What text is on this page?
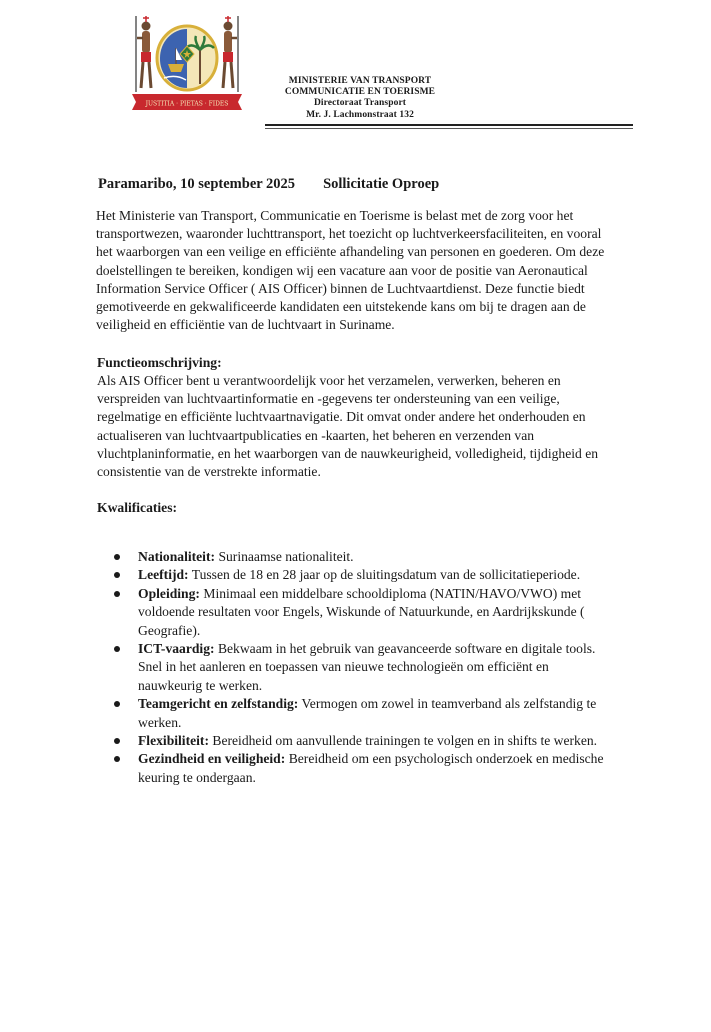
JUSTITIA · PIETAS · FIDES
MINISTERIE VAN TRANSPORT
COMMUNICATIE EN TOERISME
Directoraat Transport
Mr. J. Lachmonstraat 132
Paramaribo, 10 september 2025 Sollicitatie Oproep
Het Ministerie van Transport, Communicatie en Toerisme is belast met de zorg voor het
transportwezen, waaronder luchttransport, het toezicht op luchtverkeersfaciliteiten, en vooral
het waarborgen van een veilige en efficiënte afhandeling van personen en goederen. Om deze
doelstellingen te bereiken, kondigen wij een vacature aan voor de positie van Aeronautical
Information Service Officer ( AIS Officer) binnen de Luchtvaartdienst. Deze functie biedt
gemotiveerde en gekwalificeerde kandidaten een uitstekende kans om bij te dragen aan de
veiligheid en efficiëntie van de luchtvaart in Suriname.
Functieomschrijving:
Als AIS Officer bent u verantwoordelijk voor het verzamelen, verwerken, beheren en
verspreiden van luchtvaartinformatie en -gegevens ter ondersteuning van een veilige,
regelmatige en efficiënte luchtvaartnavigatie. Dit omvat onder andere het onderhouden en
actualiseren van luchtvaartpublicaties en -kaarten, het beheren en verzenden van
vluchtplaninformatie, en het waarborgen van de nauwkeurigheid, volledigheid, tijdigheid en
consistentie van de verstrekte informatie.
Kwalificaties:
Nationaliteit: Surinaamse nationaliteit.
Leeftijd: Tussen de 18 en 28 jaar op de sluitingsdatum van de sollicitatieperiode.
Opleiding: Minimaal een middelbare schooldiploma (NATIN/HAVO/VWO) met
voldoende resultaten voor Engels, Wiskunde of Natuurkunde, en Aardrijkskunde (
Geografie).
ICT-vaardig: Bekwaam in het gebruik van geavanceerde software en digitale tools.
Snel in het aanleren en toepassen van nieuwe technologieën om efficiënt en
nauwkeurig te werken.
Teamgericht en zelfstandig: Vermogen om zowel in teamverband als zelfstandig te
werken.
Flexibiliteit: Bereidheid om aanvullende trainingen te volgen en in shifts te werken.
Gezindheid en veiligheid: Bereidheid om een psychologisch onderzoek en medische
keuring te ondergaan.
